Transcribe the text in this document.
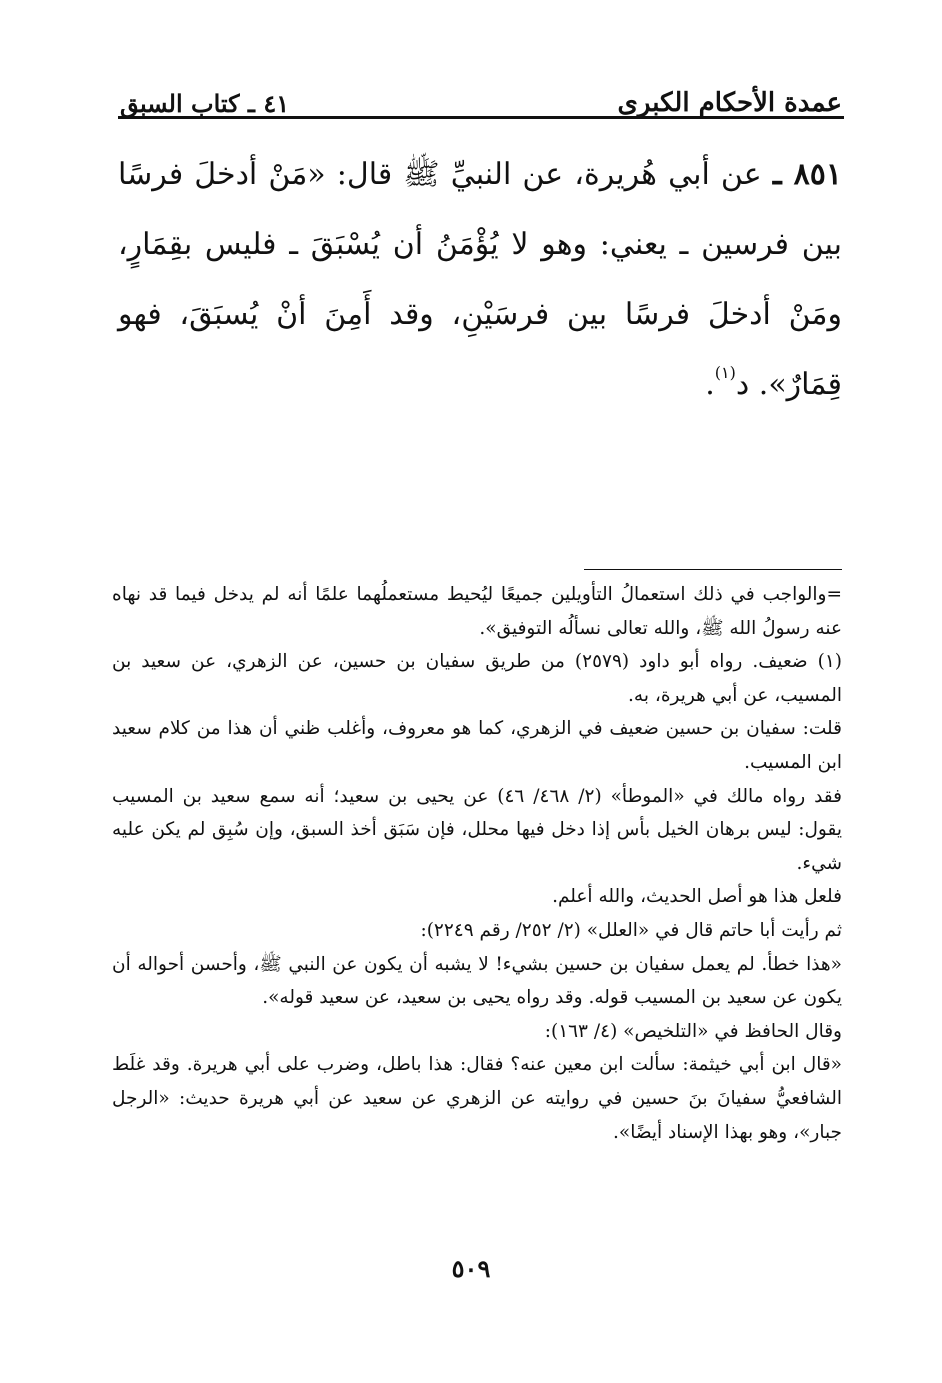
عمدة الأحكام الكبرى
٤١ ـ كتاب السبق
٨٥١ ـ عن أبي هُريرة، عن النبيِّ ﷺ قال: «مَنْ أدخلَ فرسًا بين فرسين ـ يعني: وهو لا يُؤْمَنُ أن يُسْبَقَ ـ فليس بقِمَارٍ، ومَنْ أدخلَ فرسًا بين فرسَيْنِ، وقد أَمِنَ أنْ يُسبَقَ، فهو قِمَارٌ». د$^{(١)}$.

=والواجب في ذلك استعمالُ التأويلين جميعًا ليُحيط مستعملُهما علمًا أنه لم يدخل فيما قد نهاه عنه رسولُ الله ﷺ، والله تعالى نسألُه التوفيق».

(١) ضعيف. رواه أبو داود (٢٥٧٩) من طريق سفيان بن حسين، عن الزهري، عن سعيد بن المسيب، عن أبي هريرة، به.

قلت: سفيان بن حسين ضعيف في الزهري، كما هو معروف، وأغلب ظني أن هذا من كلام سعيد ابن المسيب.

فقد رواه مالك في «الموطأ» (٢/ ٤٦٨/ ٤٦) عن يحيى بن سعيد؛ أنه سمع سعيد بن المسيب يقول: ليس برهان الخيل بأس إذا دخل فيها محلل، فإن سَبَق أخذ السبق، وإن سُبِق لم يكن عليه شيء.

فلعل هذا هو أصل الحديث، والله أعلم.

ثم رأيت أبا حاتم قال في «العلل» (٢/ ٢٥٢/ رقم ٢٢٤٩):

«هذا خطأ. لم يعمل سفيان بن حسين بشيء! لا يشبه أن يكون عن النبي ﷺ، وأحسن أحواله أن يكون عن سعيد بن المسيب قوله. وقد رواه يحيى بن سعيد، عن سعيد قوله».

وقال الحافظ في «التلخيص» (٤/ ١٦٣):

«قال ابن أبي خيثمة: سألت ابن معين عنه؟ فقال: هذا باطل، وضرب على أبي هريرة. وقد غلَط الشافعيُّ سفيانَ بنَ حسين في روايته عن الزهري عن سعيد عن أبي هريرة حديث: «الرجل جبار»، وهو بهذا الإسناد أيضًا».

٥٠٩
